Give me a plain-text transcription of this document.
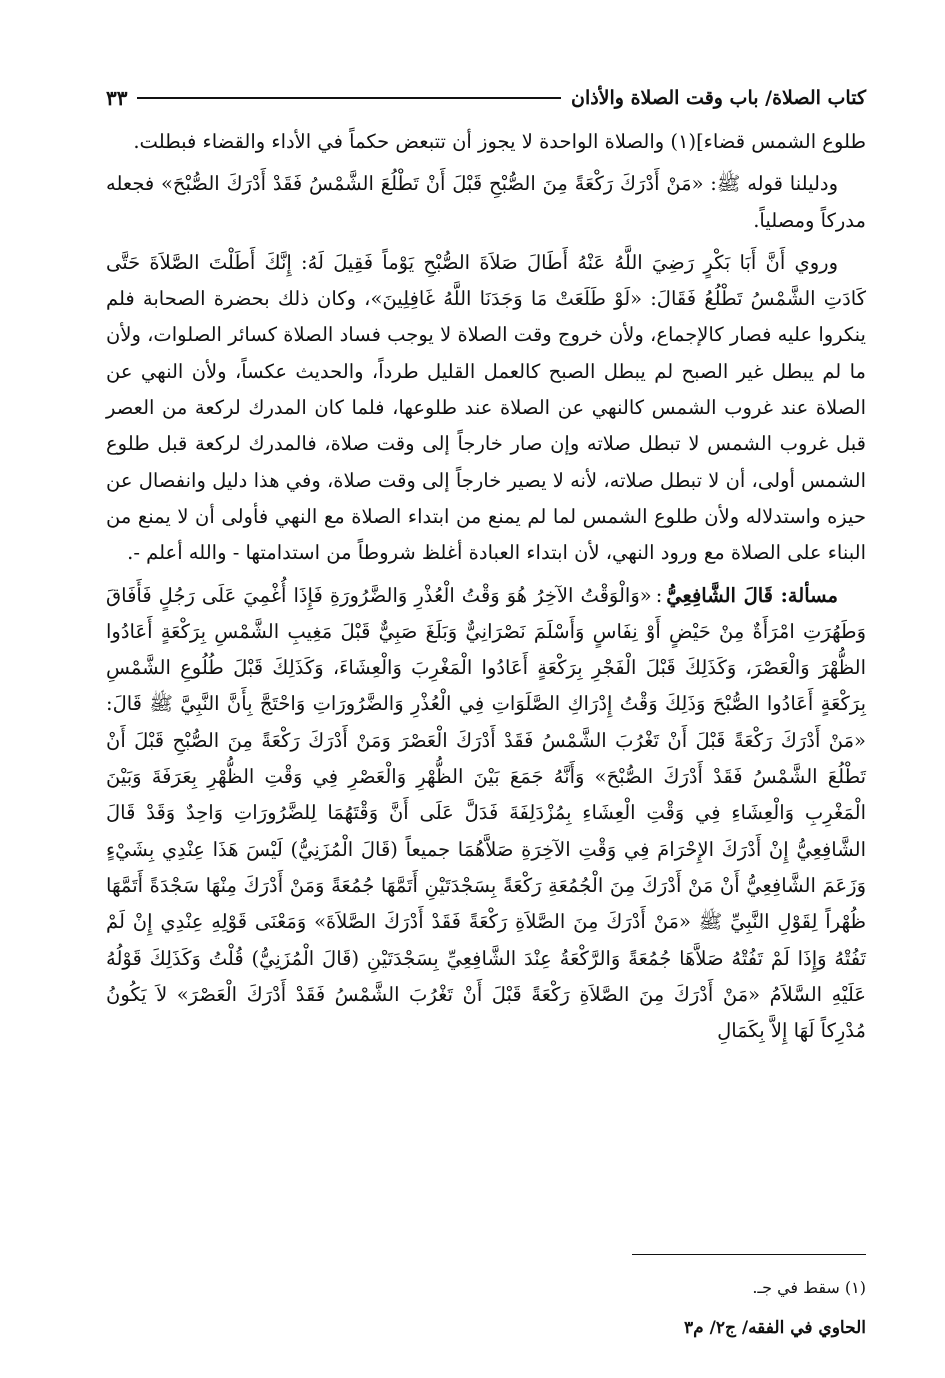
كتاب الصلاة/ باب وقت الصلاة والأذان
٣٣

طلوع الشمس قضاء](١) والصلاة الواحدة لا يجوز أن تتبعض حكماً في الأداء والقضاء فبطلت.

ودليلنا قوله ﷺ: «مَنْ أَدْرَكَ رَكْعَةً مِنَ الصُّبْحِ قَبْلَ أَنْ تَطْلُعَ الشَّمْسُ فَقَدْ أَدْرَكَ الصُّبْحَ» فجعله مدركاً ومصلياً.

وروي أَنَّ أَبَا بَكْرٍ رَضِيَ اللَّهُ عَنْهُ أَطَالَ صَلاَةَ الصُّبْحِ يَوْماً فَقِيلَ لَهُ: إِنَّكَ أَطَلْتَ الصَّلاَةَ حَتَّى كَادَتِ الشَّمْسُ تَطْلُعُ فَقَالَ: «لَوْ طَلَعَتْ مَا وَجَدَنَا اللَّهُ غَافِلِينَ»، وكان ذلك بحضرة الصحابة فلم ينكروا عليه فصار كالإجماع، ولأن خروج وقت الصلاة لا يوجب فساد الصلاة كسائر الصلوات، ولأن ما لم يبطل غير الصبح لم يبطل الصبح كالعمل القليل طرداً، والحديث عكساً، ولأن النهي عن الصلاة عند غروب الشمس كالنهي عن الصلاة عند طلوعها، فلما كان المدرك لركعة من العصر قبل غروب الشمس لا تبطل صلاته وإن صار خارجاً إلى وقت صلاة، فالمدرك لركعة قبل طلوع الشمس أولى، أن لا تبطل صلاته، لأنه لا يصير خارجاً إلى وقت صلاة، وفي هذا دليل وانفصال عن حيزه واستدلاله ولأن طلوع الشمس لما لم يمنع من ابتداء الصلاة مع النهي فأولى أن لا يمنع من البناء على الصلاة مع ورود النهي، لأن ابتداء العبادة أغلظ شروطاً من استدامتها - والله أعلم -.

مسألة: قَالَ الشَّافِعِيُّ:«وَالْوَقْتُ الآخِرُ هُوَ وَقْتُ الْعُذْرِ وَالضَّرُورَةِ فَإِذَا أُغْمِيَ عَلَى رَجُلٍ فَأَفَاقَ وَطَهُرَتِ امْرَأَةٌ مِنْ حَيْضٍ أَوْ نِفَاسٍ وَأَسْلَمَ نَصْرَانِيٌّ وَبَلَغَ صَبِيٌّ قَبْلَ مَغِيبِ الشَّمْسِ بِرَكْعَةٍ أَعَادُوا الظُّهْرَ وَالْعَصْرَ، وَكَذَلِكَ قَبْلَ الْفَجْرِ بِرَكْعَةٍ أَعَادُوا الْمَغْرِبَ وَالْعِشَاءَ، وَكَذَلِكَ قَبْلَ طُلُوعِ الشَّمْسِ بِرَكْعَةٍ أَعَادُوا الصُّبْحَ وَذَلِكَ وَقْتُ إِدْرَاكِ الصَّلَوَاتِ فِي الْعُذْرِ وَالضَّرُورَاتِ وَاحْتَجَّ بِأَنَّ النَّبِيَّ ﷺ قَالَ: «مَنْ أَدْرَكَ رَكْعَةً قَبْلَ أَنْ تَغْرُبَ الشَّمْسُ فَقَدْ أَدْرَكَ الْعَصْرَ وَمَنْ أَدْرَكَ رَكْعَةً مِنَ الصُّبْحِ قَبْلَ أَنْ تَطْلُعَ الشَّمْسُ فَقَدْ أَدْرَكَ الصُّبْحَ» وَأَنَّهُ جَمَعَ بَيْنَ الظُّهْرِ وَالْعَصْرِ فِي وَقْتِ الظُّهْرِ بِعَرَفَةَ وَبَيْنَ الْمَغْرِبِ وَالْعِشَاءِ فِي وَقْتِ الْعِشَاءِ بِمُزْدَلِفَةَ فَدَلَّ عَلَى أَنَّ وَقْتَهُمَا لِلضَّرُورَاتِ وَاحِدٌ وَقَدْ قَالَ الشَّافِعِيُّ إِنْ أَدْرَكَ الإِحْرَامَ فِي وَقْتِ الآخِرَةِ صَلاَّهُمَا جميعاً (قَالَ الْمُزَنِيُّ) لَيْسَ هَذَا عِنْدِي بِشَيْءٍ وَزَعَمَ الشَّافِعِيُّ أَنْ مَنْ أَدْرَكَ مِنَ الْجُمُعَةِ رَكْعَةً بِسَجْدَتَيْنِ أَتَمَّهَا جُمُعَةً وَمَنْ أَدْرَكَ مِنْهَا سَجْدَةً أَتَمَّهَا ظُهْراً لِقَوْلِ النَّبِيِّ ﷺ «مَنْ أَدْرَكَ مِنَ الصَّلاَةِ رَكْعَةً فَقَدْ أَدْرَكَ الصَّلاَةَ» وَمَعْنَى قَوْلِهِ عِنْدِي إِنْ لَمْ تَفُتْهُ وَإِذَا لَمْ تَفُتْهُ صَلاَّهَا جُمُعَةً وَالرَّكْعَةُ عِنْدَ الشَّافِعِيِّ بِسَجْدَتَيْنِ (قَالَ الْمُزَنِيُّ) قُلْتُ وَكَذَلِكَ قَوْلُهُ عَلَيْهِ السَّلاَمُ «مَنْ أَدْرَكَ مِنَ الصَّلاَةِ رَكْعَةً قَبْلَ أَنْ تَغْرُبَ الشَّمْسُ فَقَدْ أَدْرَكَ الْعَصْرَ» لاَ يَكُونُ مُدْرِكاً لَهَا إِلاَّ بِكَمَالِ

(١) سقط في جـ.
الحاوي في الفقه/ ج٢/ م٣
